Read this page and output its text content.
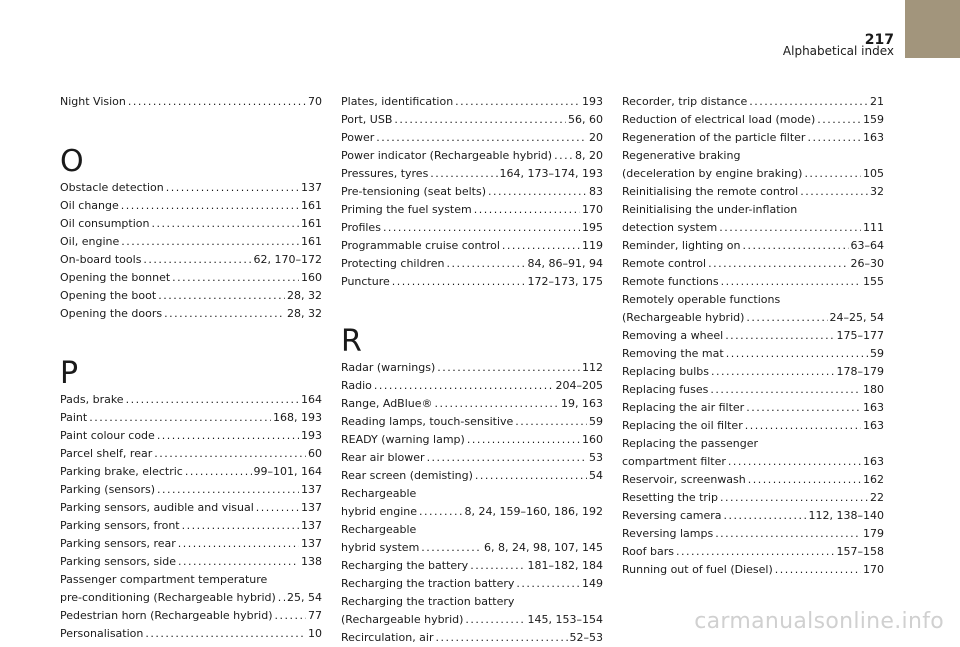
217
Alphabetical index
Night Vision .....	70
O
Obstacle detection .....	137
Oil change .....	161
Oil consumption .....	161
Oil, engine .....	161
On-board tools .....	62, 170–172
Opening the bonnet .....	160
Opening the boot .....	28, 32
Opening the doors .....	28, 32
P
Pads, brake .....	164
Paint .....	168, 193
Paint colour code .....	193
Parcel shelf, rear .....	60
Parking brake, electric .....	99–101, 164
Parking (sensors) .....	137
Parking sensors, audible and visual .....	137
Parking sensors, front .....	137
Parking sensors, rear .....	137
Parking sensors, side .....	138
Passenger compartment temperature
pre-conditioning (Rechargeable hybrid) ..... 25, 54
Pedestrian horn (Rechargeable hybrid) .....	77
Personalisation .....	10
Plates, identification .....	193
Port, USB .....	56, 60
Power .....	20
Power indicator (Rechargeable hybrid) ..... 8, 20
Pressures, tyres .....	164, 173–174, 193
Pre-tensioning (seat belts) .....	83
Priming the fuel system .....	170
Profiles .....	195
Programmable cruise control .....	119
Protecting children .....	84, 86–91, 94
Puncture .....	172–173, 175
R
Radar (warnings) .....	112
Radio .....	204–205
Range, AdBlue® .....	19, 163
Reading lamps, touch-sensitive .....	59
READY (warning lamp) .....	160
Rear air blower .....	53
Rear screen (demisting) .....	54
Rechargeable
hybrid engine .....	8, 24, 159–160, 186, 192
Rechargeable
hybrid system .....	6, 8, 24, 98, 107, 145
Recharging the battery .....	181–182, 184
Recharging the traction battery .....	149
Recharging the traction battery
(Rechargeable hybrid) .....	145, 153–154
Recirculation, air .....	52–53
Recorder, trip distance .....	21
Reduction of electrical load (mode) .....	159
Regeneration of the particle filter .....	163
Regenerative braking
(deceleration by engine braking) .....	105
Reinitialising the remote control .....	32
Reinitialising the under-inflation
detection system .....	111
Reminder, lighting on .....	63–64
Remote control .....	26–30
Remote functions .....	155
Remotely operable functions
(Rechargeable hybrid) .....	24–25, 54
Removing a wheel .....	175–177
Removing the mat .....	59
Replacing bulbs .....	178–179
Replacing fuses .....	180
Replacing the air filter .....	163
Replacing the oil filter .....	163
Replacing the passenger
compartment filter .....	163
Reservoir, screenwash .....	162
Resetting the trip .....	22
Reversing camera .....	112, 138–140
Reversing lamps .....	179
Roof bars .....	157–158
Running out of fuel (Diesel) .....	170
carmanualsonline.info
